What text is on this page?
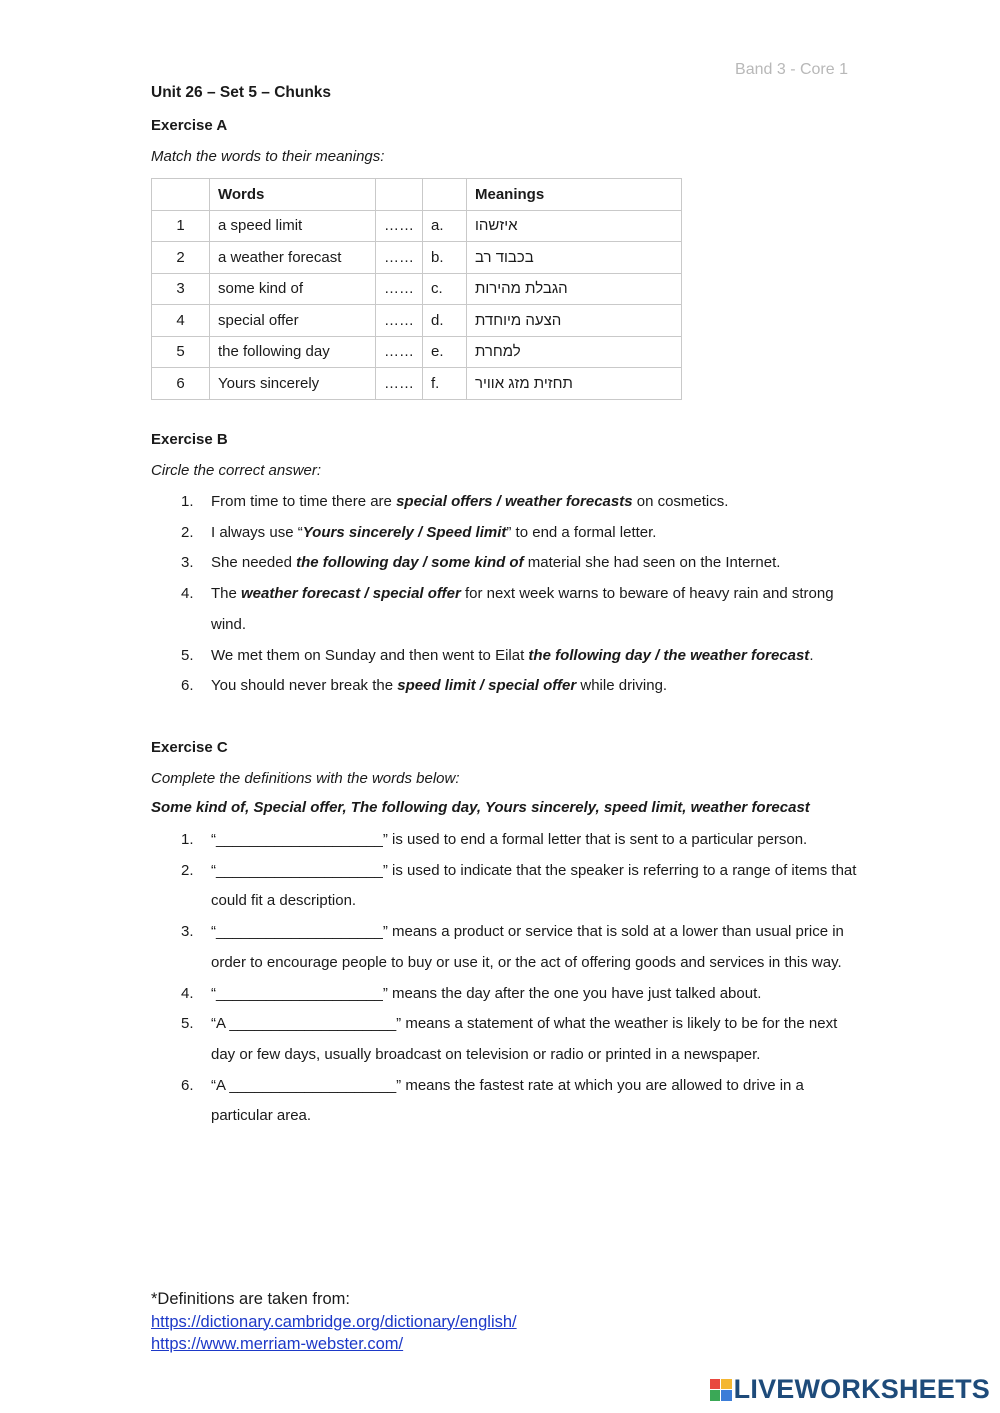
Band 3 - Core 1
Unit 26 – Set 5 – Chunks
Exercise A
Match the words to their meanings:
	Words			Meanings
1	a speed limit	……	a.	איזשהו

2	a weather forecast	……	b.	בכבוד רב

3	some kind of	……	c.	הגבלת מהירות

4	special offer	……	d.	הצעה מיוחדת

5	the following day	……	e.	למחרת

6	Yours sincerely	……	f.	תחזית מזג אוויר
Exercise B
Circle the correct answer:
1. From time to time there are special offers / weather forecasts on cosmetics.
2. I always use “Yours sincerely / Speed limit” to end a formal letter.
3. She needed the following day / some kind of material she had seen on the Internet.
4. The weather forecast / special offer for next week warns to beware of heavy rain and strong wind.
5. We met them on Sunday and then went to Eilat the following day / the weather forecast.
6. You should never break the speed limit / special offer while driving.
Exercise C
Complete the definitions with the words below:
Some kind of, Special offer, The following day, Yours sincerely, speed limit, weather forecast
1. “____________________” is used to end a formal letter that is sent to a particular person.
2. “____________________” is used to indicate that the speaker is referring to a range of items that could fit a description.
3. “____________________” means a product or service that is sold at a lower than usual price in order to encourage people to buy or use it, or the act of offering goods and services in this way.
4. “____________________” means the day after the one you have just talked about.
5. “A ____________________” means a statement of what the weather is likely to be for the next day or few days, usually broadcast on television or radio or printed in a newspaper.
6. “A ____________________” means the fastest rate at which you are allowed to drive in a particular area.
*Definitions are taken from:
https://dictionary.cambridge.org/dictionary/english/
https://www.merriam-webster.com/
LIVEWORKSHEETS
